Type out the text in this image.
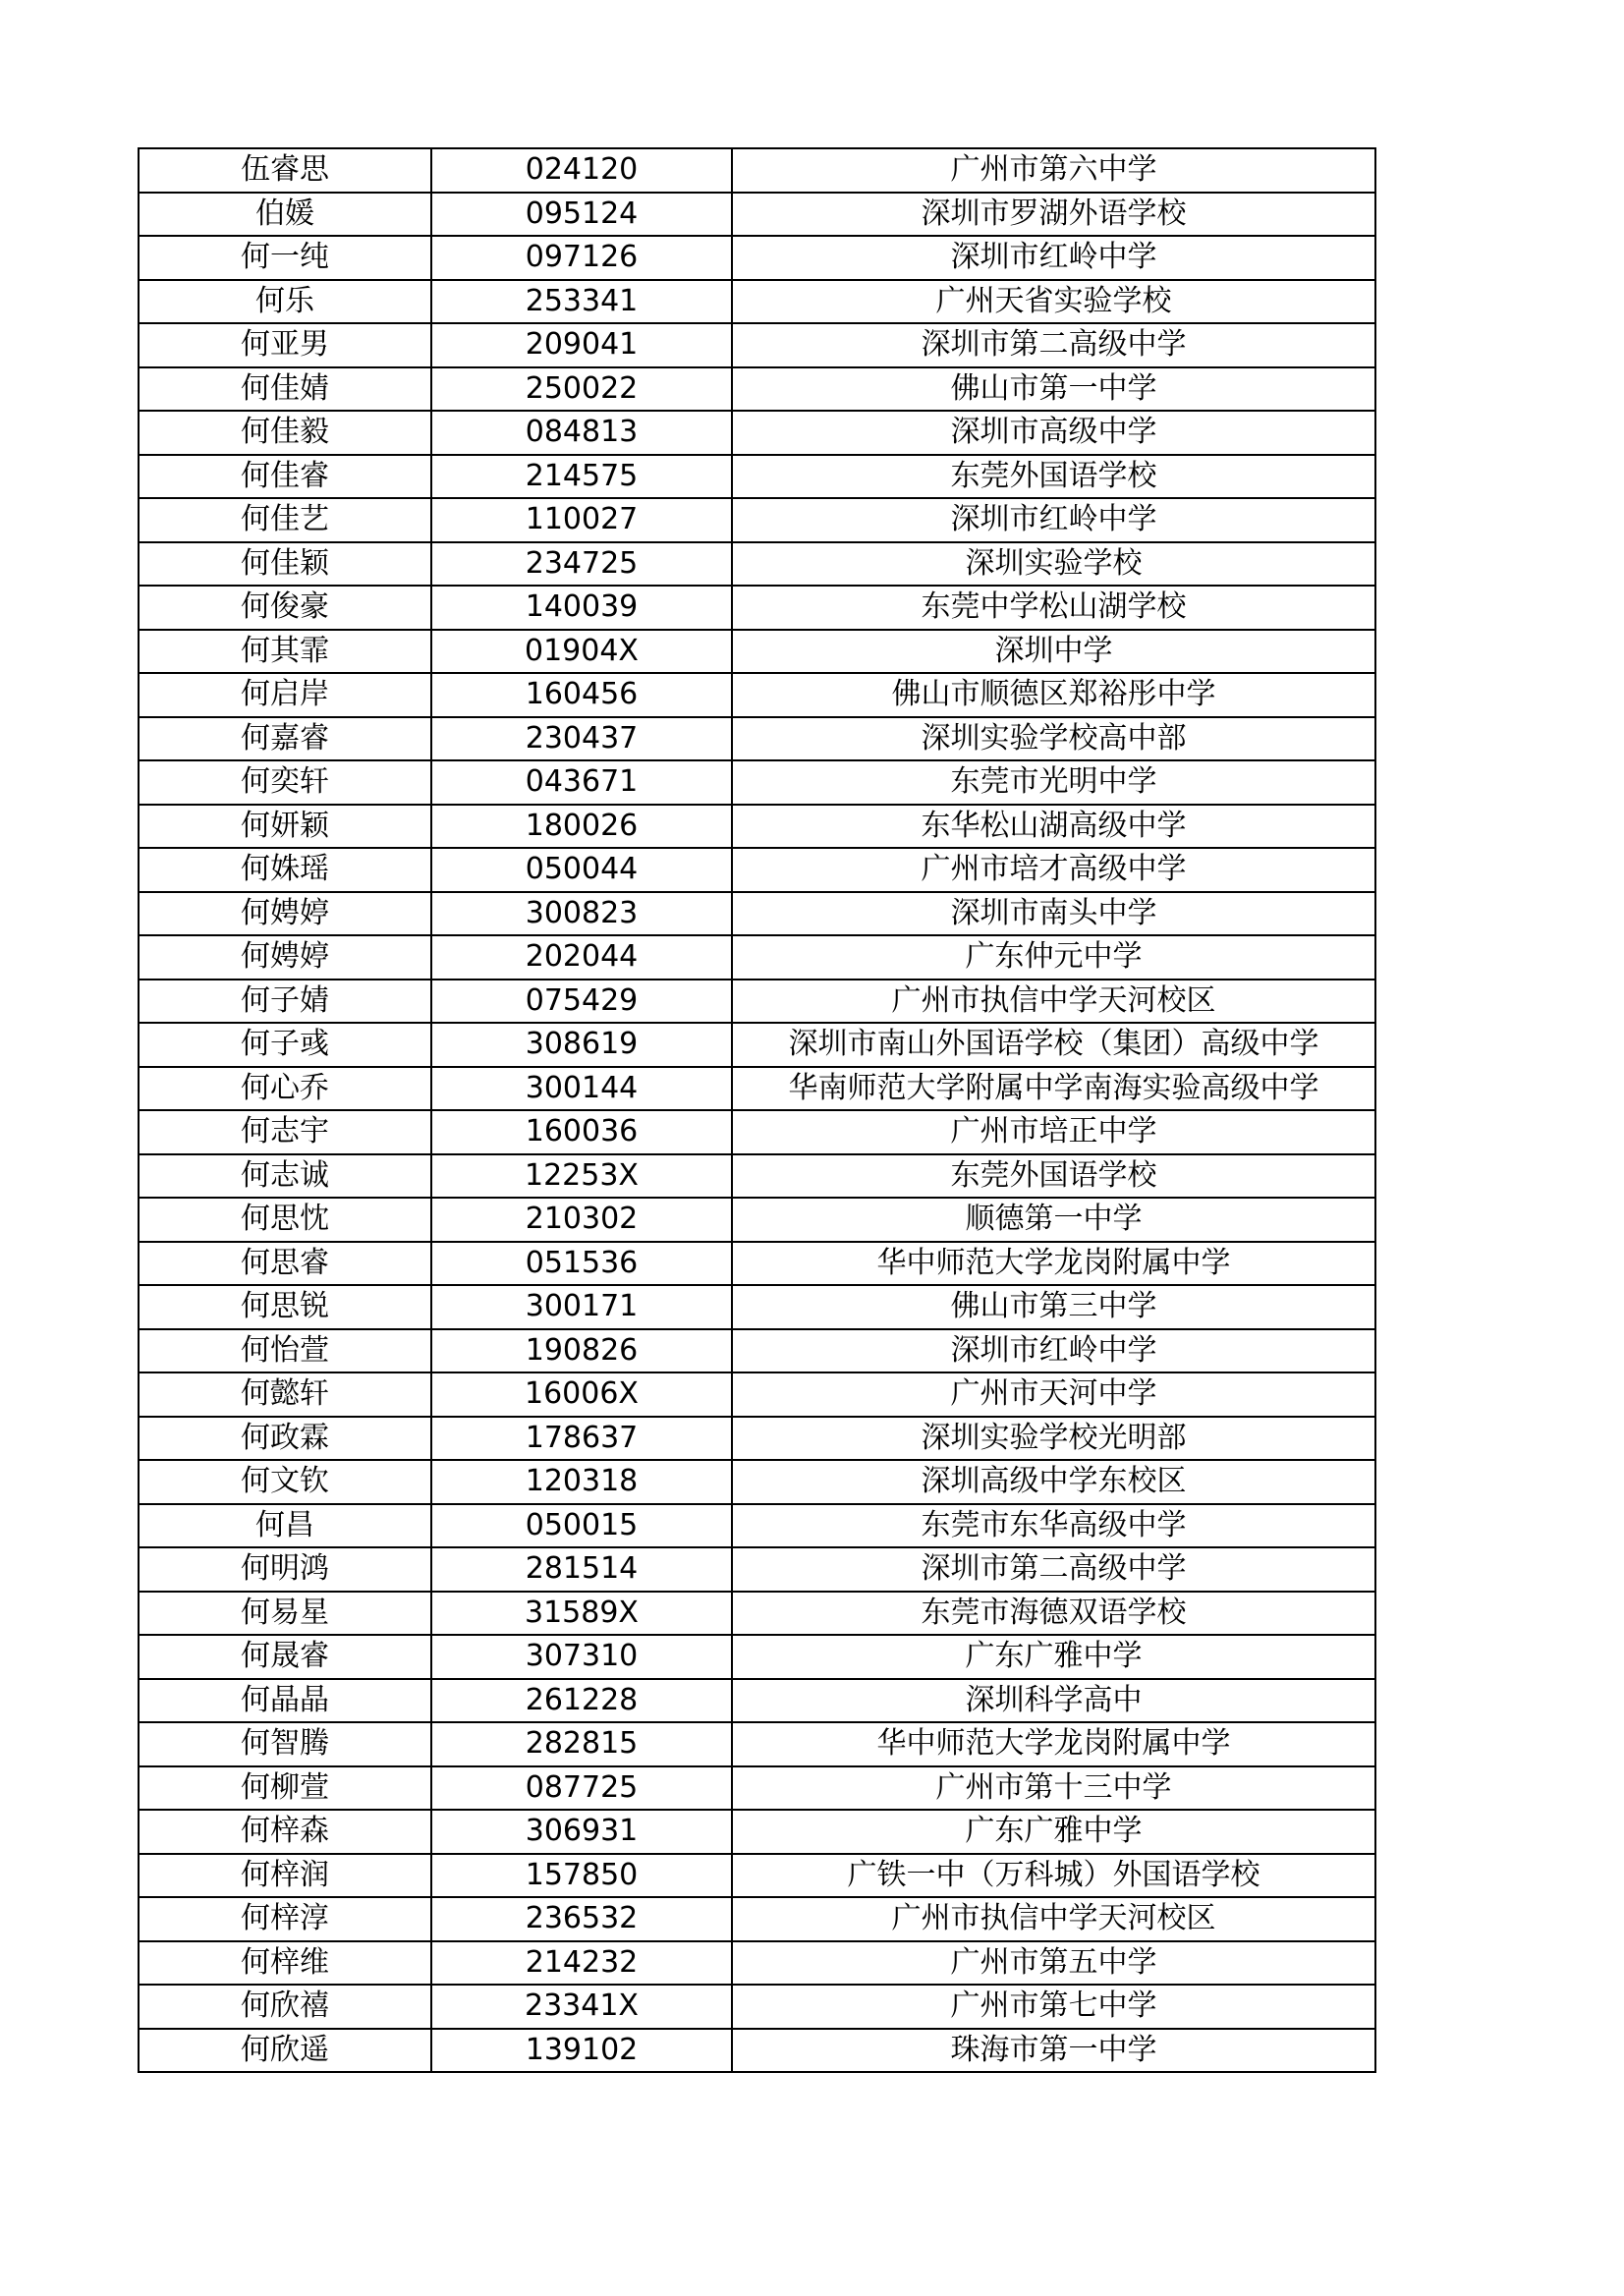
伍睿思	024120	广州市第六中学
伯媛	095124	深圳市罗湖外语学校
何一纯	097126	深圳市红岭中学
何乐	253341	广州天省实验学校
何亚男	209041	深圳市第二高级中学
何佳婧	250022	佛山市第一中学
何佳毅	084813	深圳市高级中学
何佳睿	214575	东莞外国语学校
何佳艺	110027	深圳市红岭中学
何佳颖	234725	深圳实验学校
何俊豪	140039	东莞中学松山湖学校
何其霏	01904X	深圳中学
何启岸	160456	佛山市顺德区郑裕彤中学
何嘉睿	230437	深圳实验学校高中部
何奕轩	043671	东莞市光明中学
何妍颖	180026	东华松山湖高级中学
何姝瑶	050044	广州市培才高级中学
何娉婷	300823	深圳市南头中学
何娉婷	202044	广东仲元中学
何子婧	075429	广州市执信中学天河校区
何子彧	308619	深圳市南山外国语学校（集团）高级中学
何心乔	300144	华南师范大学附属中学南海实验高级中学
何志宇	160036	广州市培正中学
何志诚	12253X	东莞外国语学校
何思忱	210302	顺德第一中学
何思睿	051536	华中师范大学龙岗附属中学
何思锐	300171	佛山市第三中学
何怡萱	190826	深圳市红岭中学
何懿轩	16006X	广州市天河中学
何政霖	178637	深圳实验学校光明部
何文钦	120318	深圳高级中学东校区
何昌	050015	东莞市东华高级中学
何明鸿	281514	深圳市第二高级中学
何易星	31589X	东莞市海德双语学校
何晟睿	307310	广东广雅中学
何晶晶	261228	深圳科学高中
何智腾	282815	华中师范大学龙岗附属中学
何柳萱	087725	广州市第十三中学
何梓森	306931	广东广雅中学
何梓润	157850	广铁一中（万科城）外国语学校
何梓淳	236532	广州市执信中学天河校区
何梓维	214232	广州市第五中学
何欣禧	23341X	广州市第七中学
何欣遥	139102	珠海市第一中学
